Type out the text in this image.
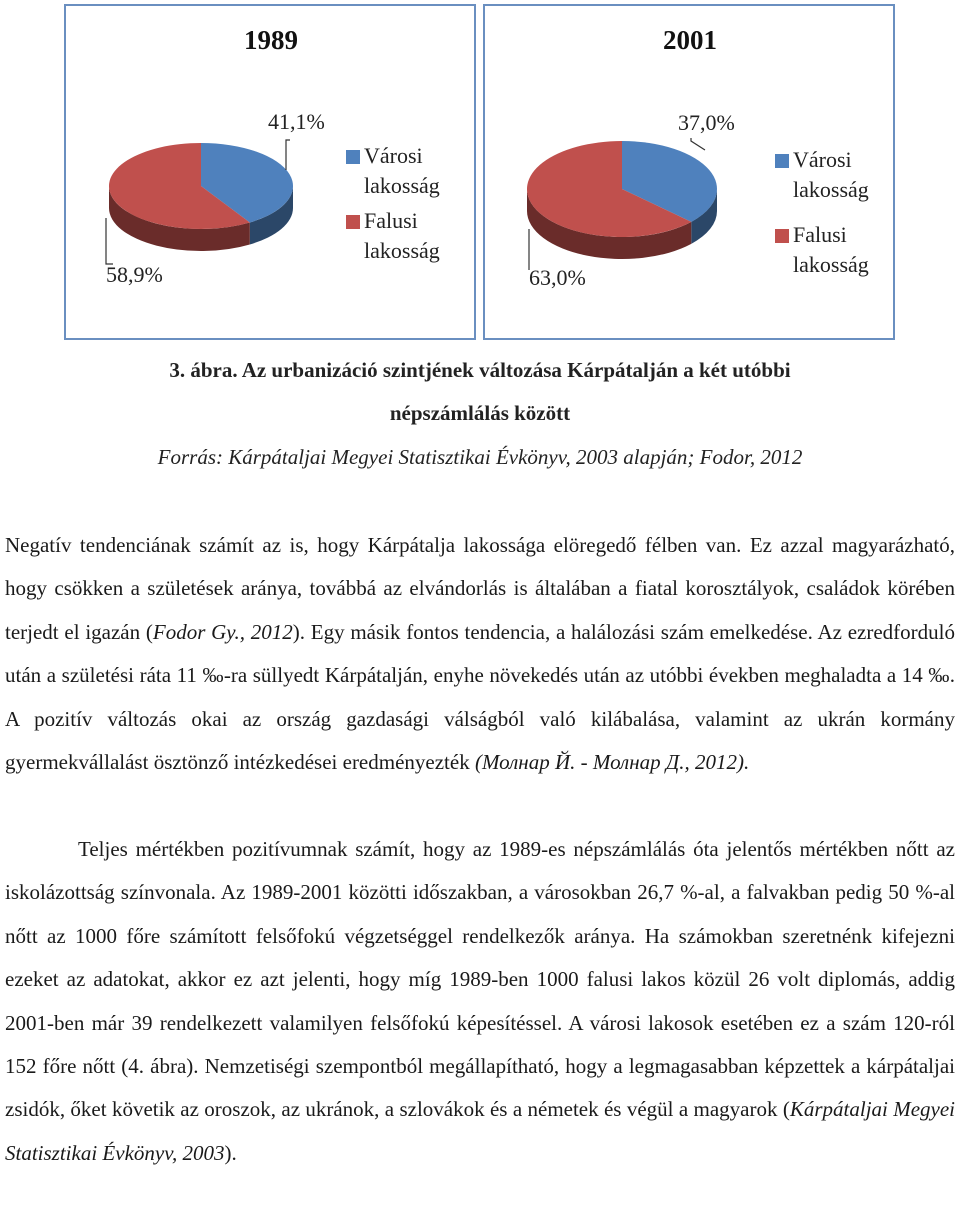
1989
41,1%
58,9%
Városi lakosság
Falusi lakosság
2001
37,0%
63,0%
Városi lakosság
Falusi lakosság
3. ábra. Az urbanizáció szintjének változása Kárpátalján a két utóbbi
népszámlálás között
Forrás: Kárpátaljai Megyei Statisztikai Évkönyv, 2003 alapján; Fodor, 2012

Negatív tendenciának számít az is, hogy Kárpátalja lakossága elöregedő félben van. Ez azzal magyarázható, hogy csökken a születések aránya, továbbá az elvándorlás is általában a fiatal korosztályok, családok körében terjedt el igazán (Fodor Gy., 2012). Egy másik fontos tendencia, a halálozási szám emelkedése. Az ezredforduló után a születési ráta 11 ‰-ra süllyedt Kárpátalján, enyhe növekedés után az utóbbi években meghaladta a 14 ‰. A pozitív változás okai az ország gazdasági válságból való kilábalása, valamint az ukrán kormány gyermekvállalást ösztönző intézkedései eredményezték (Молнар Й. - Молнар Д., 2012).

Teljes mértékben pozitívumnak számít, hogy az 1989-es népszámlálás óta jelentős mértékben nőtt az iskolázottság színvonala. Az 1989-2001 közötti időszakban, a városokban 26,7 %-al, a falvakban pedig 50 %-al nőtt az 1000 főre számított felsőfokú végzetséggel rendelkezők aránya. Ha számokban szeretnénk kifejezni ezeket az adatokat, akkor ez azt jelenti, hogy míg 1989-ben 1000 falusi lakos közül 26 volt diplomás, addig 2001-ben már 39 rendelkezett valamilyen felsőfokú képesítéssel. A városi lakosok esetében ez a szám 120-ról 152 főre nőtt (4. ábra). Nemzetiségi szempontból megállapítható, hogy a legmagasabban képzettek a kárpátaljai zsidók, őket követik az oroszok, az ukránok, a szlovákok és a németek és végül a magyarok (Kárpátaljai Megyei Statisztikai Évkönyv, 2003).
